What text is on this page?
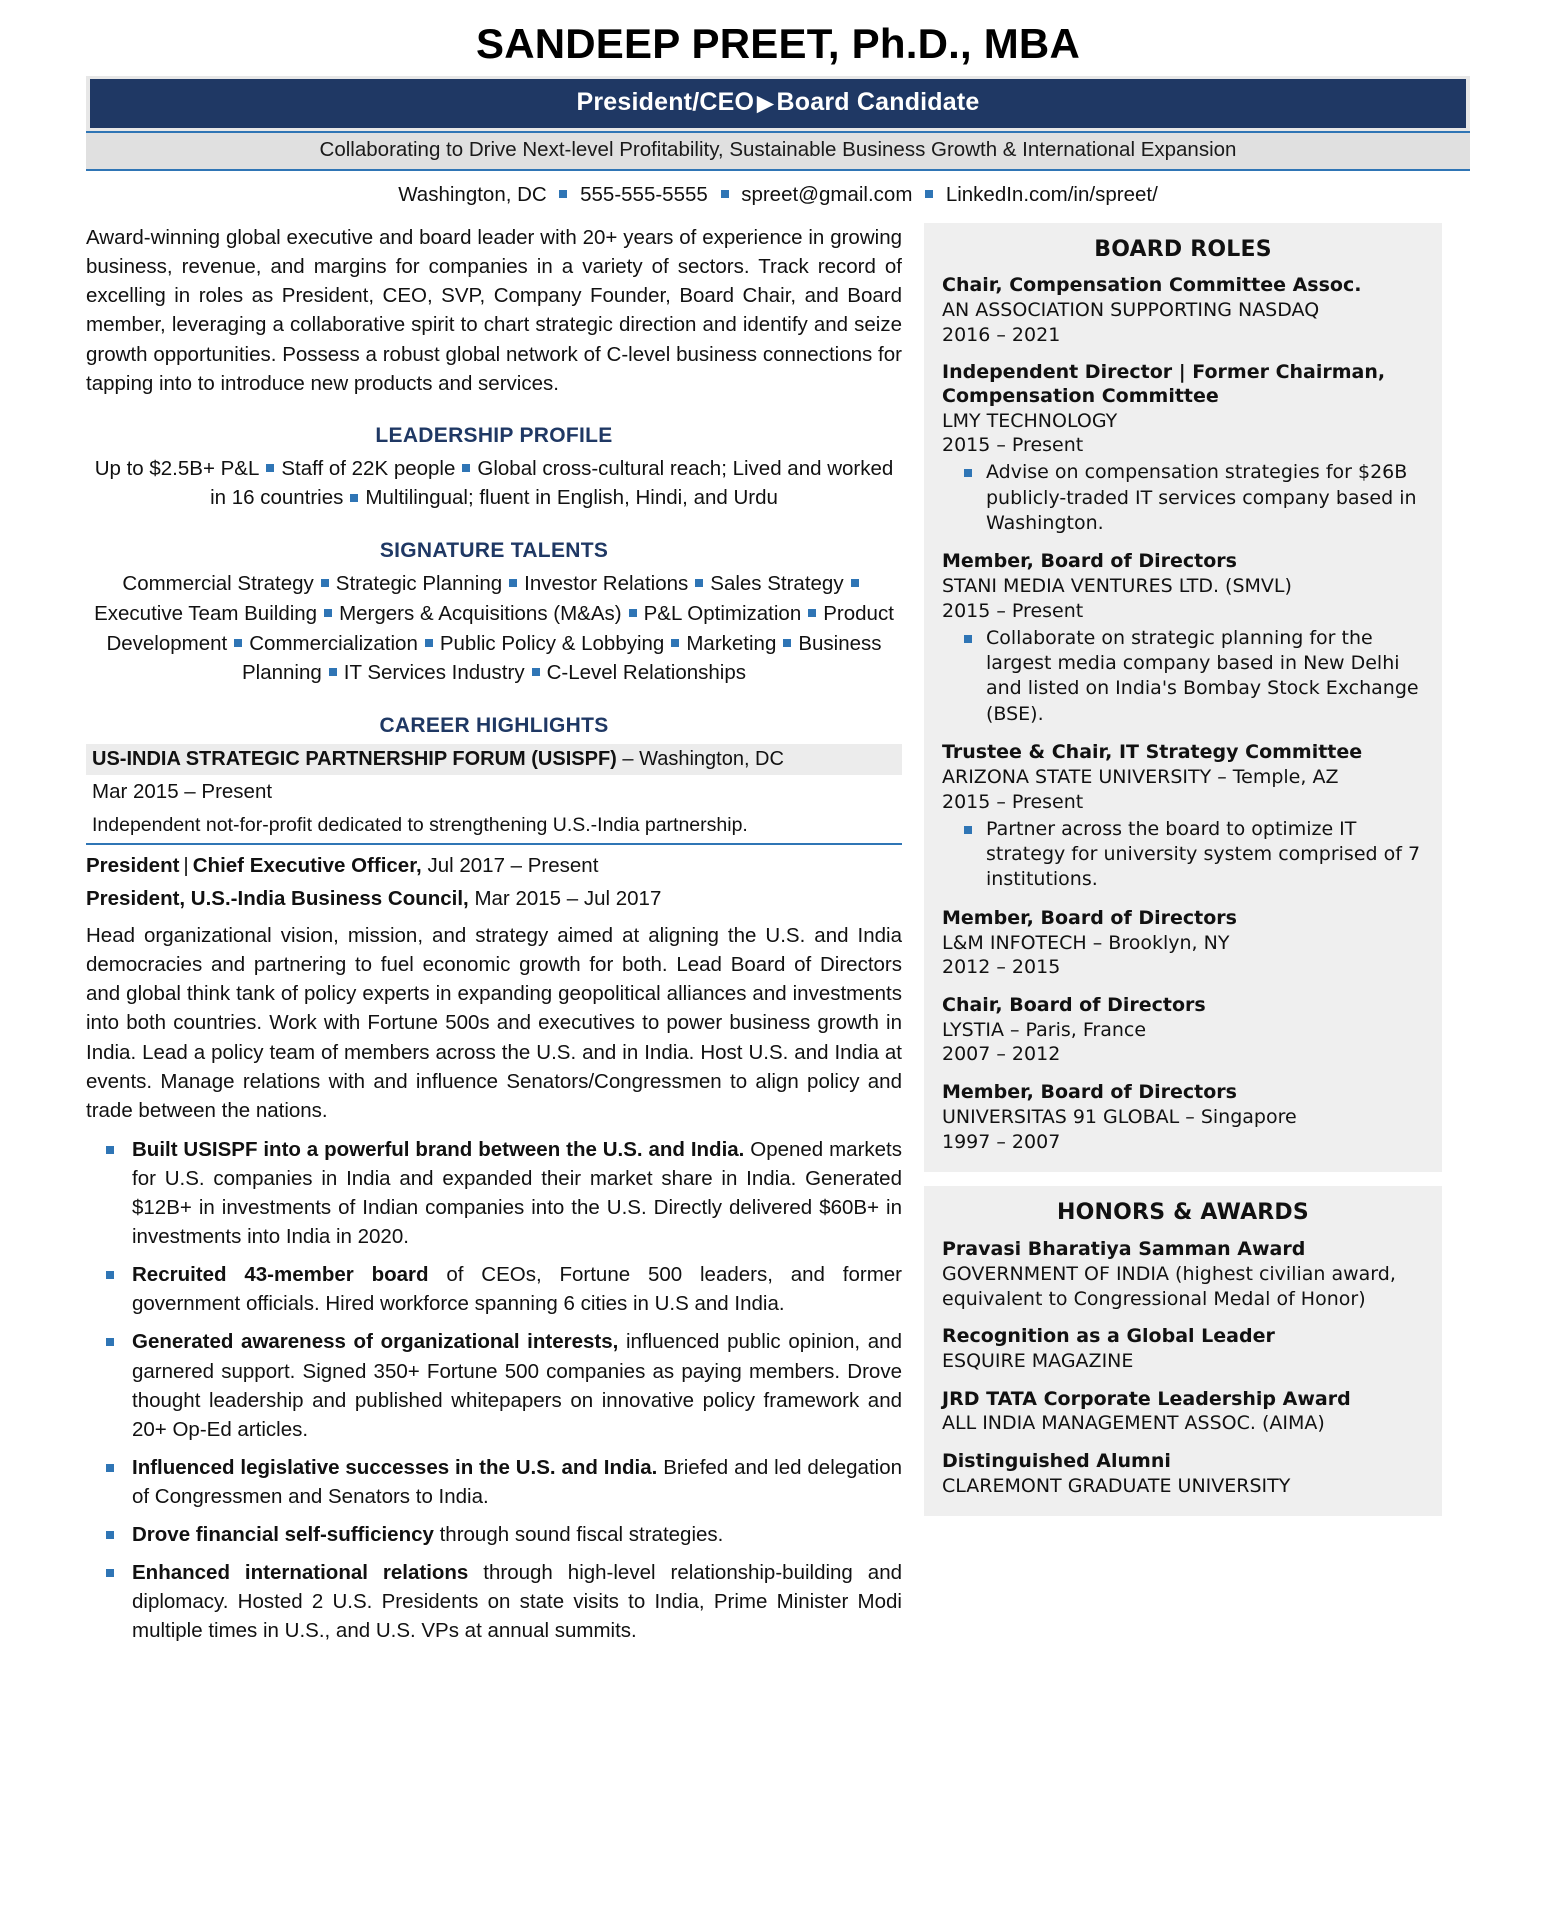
SANDEEP PREET, Ph.D., MBA
President/CEO ▶ Board Candidate
Collaborating to Drive Next-level Profitability, Sustainable Business Growth & International Expansion
Washington, DC 555-555-5555 spreet@gmail.com LinkedIn.com/in/spreet/
Award-winning global executive and board leader with 20+ years of experience in growing business, revenue, and margins for companies in a variety of sectors. Track record of excelling in roles as President, CEO, SVP, Company Founder, Board Chair, and Board member, leveraging a collaborative spirit to chart strategic direction and identify and seize growth opportunities. Possess a robust global network of C-level business connections for tapping into to introduce new products and services.
LEADERSHIP PROFILE
Up to $2.5B+ P&L Staff of 22K people Global cross-cultural reach; Lived and worked in 16 countries Multilingual; fluent in English, Hindi, and Urdu
SIGNATURE TALENTS
Commercial Strategy Strategic Planning Investor Relations Sales StrategyExecutive Team Building Mergers & Acquisitions (M&As) P&L Optimization Product Development Commercialization Public Policy & Lobbying Marketing Business Planning IT Services Industry C-Level Relationships
CAREER HIGHLIGHTS
US-INDIA STRATEGIC PARTNERSHIP FORUM (USISPF) – Washington, DC
Mar 2015 – Present
Independent not-for-profit dedicated to strengthening U.S.-India partnership.
President | Chief Executive Officer, Jul 2017 – Present
President, U.S.-India Business Council, Mar 2015 – Jul 2017
Head organizational vision, mission, and strategy aimed at aligning the U.S. and India democracies and partnering to fuel economic growth for both. Lead Board of Directors and global think tank of policy experts in expanding geopolitical alliances and investments into both countries. Work with Fortune 500s and executives to power business growth in India. Lead a policy team of members across the U.S. and in India. Host U.S. and India at events. Manage relations with and influence Senators/Congressmen to align policy and trade between the nations.
Built USISPF into a powerful brand between the U.S. and India. Opened markets for U.S. companies in India and expanded their market share in India. Generated $12B+ in investments of Indian companies into the U.S. Directly delivered $60B+ in investments into India in 2020.
Recruited 43-member board of CEOs, Fortune 500 leaders, and former government officials. Hired workforce spanning 6 cities in U.S and India.
Generated awareness of organizational interests, influenced public opinion, and garnered support. Signed 350+ Fortune 500 companies as paying members. Drove thought leadership and published whitepapers on innovative policy framework and 20+ Op-Ed articles.
Influenced legislative successes in the U.S. and India. Briefed and led delegation of Congressmen and Senators to India.
Drove financial self-sufficiency through sound fiscal strategies.
Enhanced international relations through high-level relationship-building and diplomacy. Hosted 2 U.S. Presidents on state visits to India, Prime Minister Modi multiple times in U.S., and U.S. VPs at annual summits.
BOARD ROLES
Chair, Compensation Committee Assoc.
AN ASSOCIATION SUPPORTING NASDAQ
2016 – 2021
Independent Director | Former Chairman, Compensation Committee
LMY TECHNOLOGY
2015 – Present
Advise on compensation strategies for $26B publicly-traded IT services company based in Washington.
Member, Board of Directors
STANI MEDIA VENTURES LTD. (SMVL)
2015 – Present
Collaborate on strategic planning for the largest media company based in New Delhi and listed on India's Bombay Stock Exchange (BSE).
Trustee & Chair, IT Strategy Committee
ARIZONA STATE UNIVERSITY – Temple, AZ
2015 – Present
Partner across the board to optimize IT strategy for university system comprised of 7 institutions.
Member, Board of Directors
L&M INFOTECH – Brooklyn, NY
2012 – 2015
Chair, Board of Directors
LYSTIA – Paris, France
2007 – 2012
Member, Board of Directors
UNIVERSITAS 91 GLOBAL – Singapore
1997 – 2007
HONORS & AWARDS
Pravasi Bharatiya Samman Award
GOVERNMENT OF INDIA (highest civilian award, equivalent to Congressional Medal of Honor)
Recognition as a Global Leader
ESQUIRE MAGAZINE
JRD TATA Corporate Leadership Award
ALL INDIA MANAGEMENT ASSOC. (AIMA)
Distinguished Alumni
CLAREMONT GRADUATE UNIVERSITY
